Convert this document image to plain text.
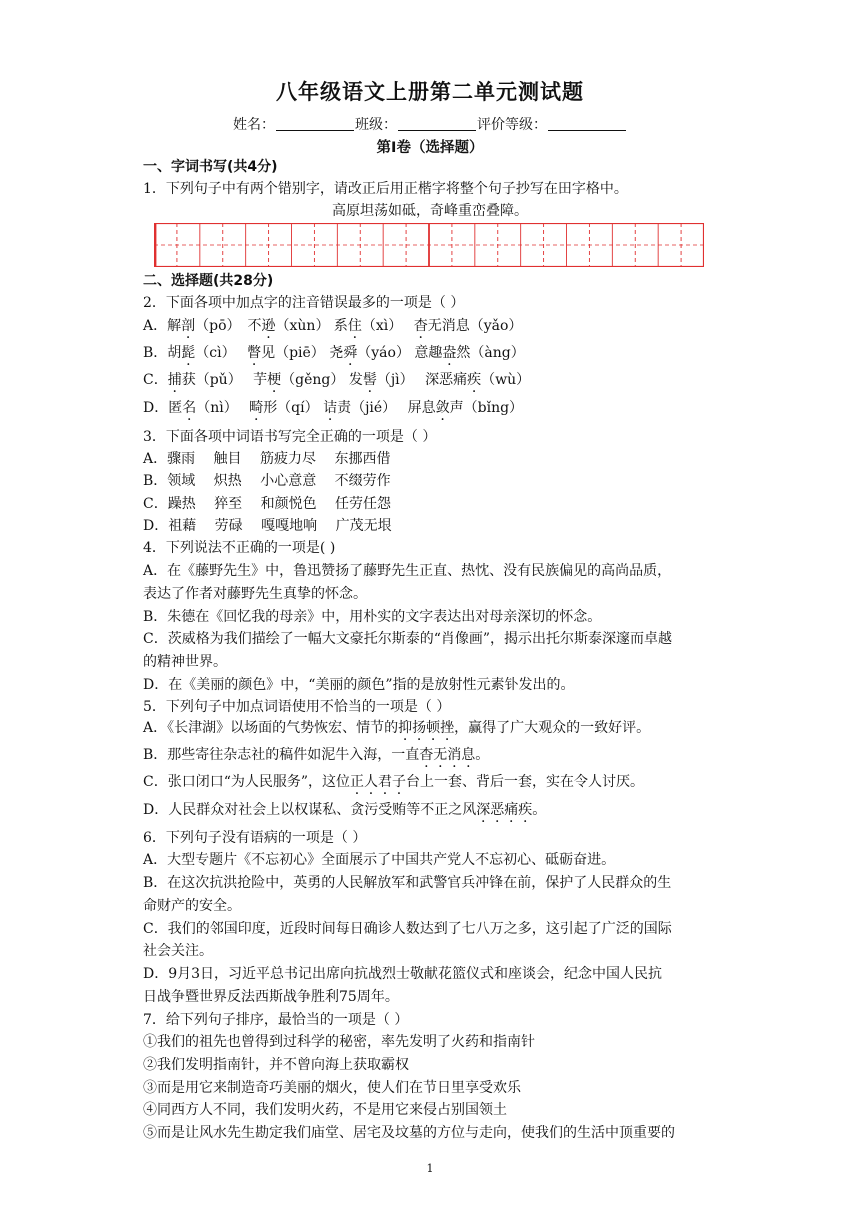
八年级语文上册第二单元测试题
姓名：	班级：	评价等级：
第Ⅰ卷（选择题）
一、字词书写(共4分)
1．下列句子中有两个错别字，请改正后用正楷字将整个句子抄写在田字格中。
高原坦荡如砥，奇峰重峦叠障。
二、选择题(共28分)
2．下面各项中加点字的注音错误最多的一项是（ ）
A．解剖（pō）　不逊（xùn） 系住（xì）　 杳无消息（yǎo）
B．胡髭（cì）　 瞥见（piē） 尧舜（yáo） 意趣盎然（àng）
C．捕获（pǔ）　 芋梗（gěng） 发髻（jì）　 深恶痛疾（wù）
D．匿名（nì）　 畸形（qí） 诘责（jié）　 屏息敛声（bǐng）
3．下面各项中词语书写完全正确的一项是（ ）
A．骤雨　 触目　 筋疲力尽　 东挪西借
B．领域　 炽热　 小心意意　 不缀劳作
C．躁热　 猝至　 和颜悦色　 任劳任怨
D．祖藉　 劳碌　 嘎嘎地响　 广茂无垠
4．下列说法不正确的一项是( )
A．在《藤野先生》中，鲁迅赞扬了藤野先生正直、热忱、没有民族偏见的高尚品质，
表达了作者对藤野先生真挚的怀念。
B．朱德在《回忆我的母亲》中，用朴实的文字表达出对母亲深切的怀念。
C．茨威格为我们描绘了一幅大文豪托尔斯泰的“肖像画”，揭示出托尔斯泰深邃而卓越
的精神世界。
D．在《美丽的颜色》中，“美丽的颜色”指的是放射性元素钋发出的。
5．下列句子中加点词语使用不恰当的一项是（ ）
A．《长津湖》以场面的气势恢宏、情节的抑扬顿挫，赢得了广大观众的一致好评。
B．那些寄往杂志社的稿件如泥牛入海，一直杳无消息。
C．张口闭口“为人民服务”，这位正人君子台上一套、背后一套，实在令人讨厌。
D．人民群众对社会上以权谋私、贪污受贿等不正之风深恶痛疾。
6．下列句子没有语病的一项是（ ）
A．大型专题片《不忘初心》全面展示了中国共产党人不忘初心、砥砺奋进。
B．在这次抗洪抢险中，英勇的人民解放军和武警官兵冲锋在前，保护了人民群众的生
命财产的安全。
C．我们的邻国印度，近段时间每日确诊人数达到了七八万之多，这引起了广泛的国际
社会关注。
D．9月3日，习近平总书记出席向抗战烈士敬献花篮仪式和座谈会，纪念中国人民抗
日战争暨世界反法西斯战争胜利75周年。
7．给下列句子排序，最恰当的一项是（ ）
①我们的祖先也曾得到过科学的秘密，率先发明了火药和指南针
②我们发明指南针，并不曾向海上获取霸权
③而是用它来制造奇巧美丽的烟火，使人们在节日里享受欢乐
④同西方人不同，我们发明火药，不是用它来侵占别国领土
⑤而是让风水先生勘定我们庙堂、居宅及坟墓的方位与走向，使我们的生活中顶重要的
1
